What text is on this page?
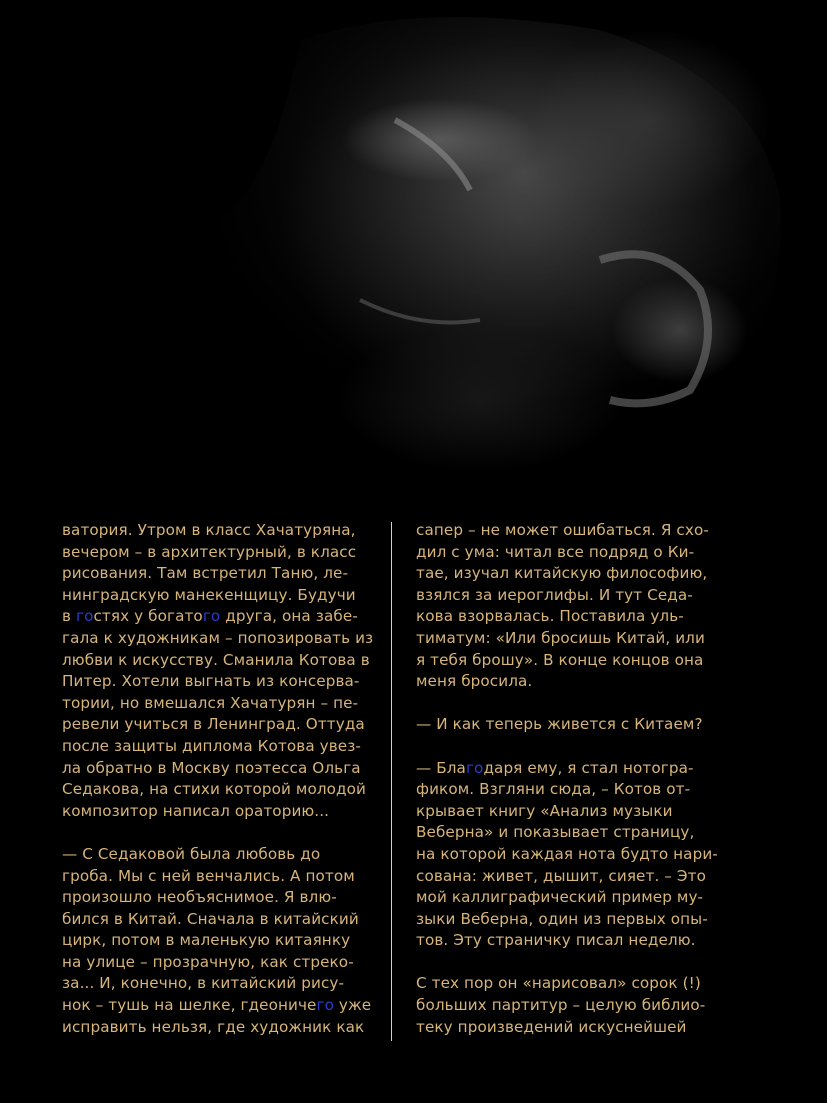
ватория. Утром в класс Хачатуряна,
вечером – в архитектурный, в класс
рисования. Там встретил Таню, ле-
нинградскую манекенщицу. Будучи
в гостях у богатого друга, она забе-
гала к художникам – попозировать из
любви к искусству. Сманила Котова в
Питер. Хотели выгнать из консерва-
тории, но вмешался Хачатурян – пе-
ревели учиться в Ленинград. Оттуда
после защиты диплома Котова увез-
ла обратно в Москву поэтесса Ольга
Седакова, на стихи которой молодой
композитор написал ораторию...
— С Седаковой была любовь до
гроба. Мы с ней венчались. А потом
произошло необъяснимое. Я влю-
бился в Китай. Сначала в китайский
цирк, потом в маленькую китаянку
на улице – прозрачную, как стреко-
за... И, конечно, в китайский рису-
нок – тушь на шелке, гдеоничего уже
исправить нельзя, где художник как
сапер – не может ошибаться. Я схо-
дил с ума: читал все подряд о Ки-
тае, изучал китайскую философию,
взялся за иероглифы. И тут Седа-
кова взорвалась. Поставила уль-
тиматум: «Или бросишь Китай, или
я тебя брошу». В конце концов она
меня бросила.
— И как теперь живется с Китаем?
— Благодаря ему, я стал нотогра-
фиком. Взгляни сюда, – Котов от-
крывает книгу «Анализ музыки
Веберна» и показывает страницу,
на которой каждая нота будто нари-
сована: живет, дышит, сияет. – Это
мой каллиграфический пример му-
зыки Веберна, один из первых опы-
тов. Эту страничку писал неделю.
С тех пор он «нарисовал» сорок (!)
больших партитур – целую библио-
теку произведений искуснейшей
